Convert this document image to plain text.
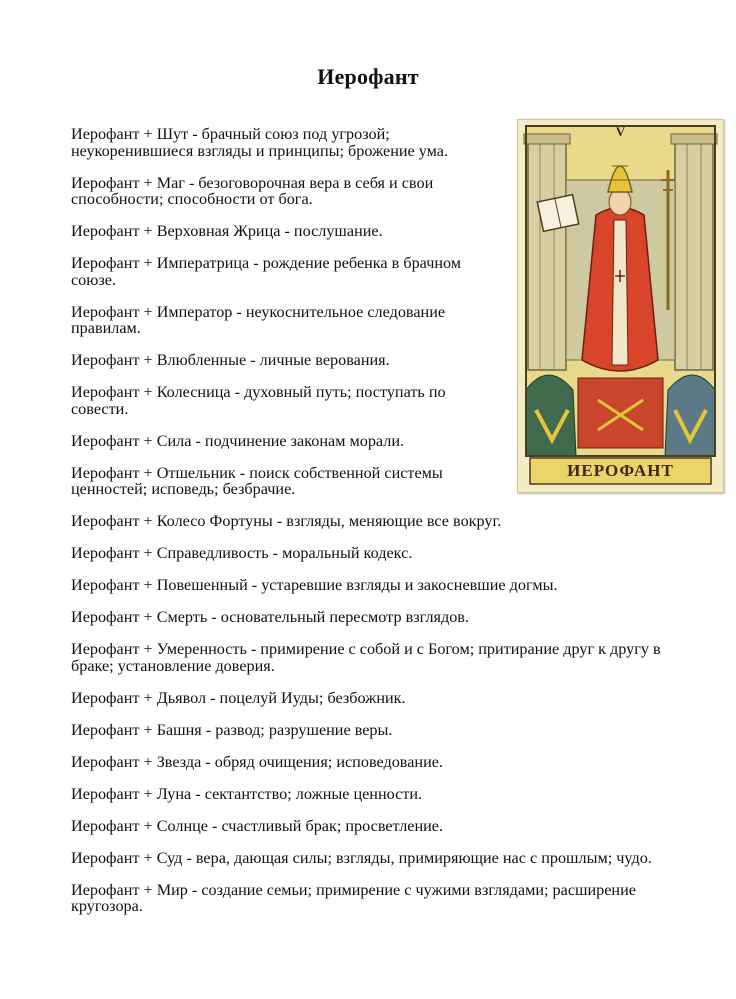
Иерофант
V
ИЕРОФАНТ

Иерофант + Шут - брачный союз под угрозой; неукоренившиеся взгляды и принципы; брожение ума.

Иерофант + Маг - безоговорочная вера в себя и свои способности; способности от бога.

Иерофант + Верховная Жрица - послушание.

Иерофант + Императрица - рождение ребенка в брачном союзе.

Иерофант + Император - неукоснительное следование правилам.

Иерофант + Влюбленные - личные верования.

Иерофант + Колесница - духовный путь; поступать по совести.

Иерофант + Сила - подчинение законам морали.

Иерофант + Отшельник - поиск собственной системы ценностей; исповедь; безбрачие.

Иерофант + Колесо Фортуны - взгляды, меняющие все вокруг.

Иерофант + Справедливость - моральный кодекс.

Иерофант + Повешенный - устаревшие взгляды и закосневшие догмы.

Иерофант + Смерть - основательный пересмотр взглядов.

Иерофант + Умеренность - примирение с собой и с Богом; притирание друг к другу в браке; установление доверия.

Иерофант + Дьявол - поцелуй Иуды; безбожник.

Иерофант + Башня - развод; разрушение веры.

Иерофант + Звезда - обряд очищения; исповедование.

Иерофант + Луна - сектантство; ложные ценности.

Иерофант + Солнце - счастливый брак; просветление.

Иерофант + Суд - вера, дающая силы; взгляды, примиряющие нас с прошлым; чудо.

Иерофант + Мир - создание семьи; примирение с чужими взглядами; расширение кругозора.
